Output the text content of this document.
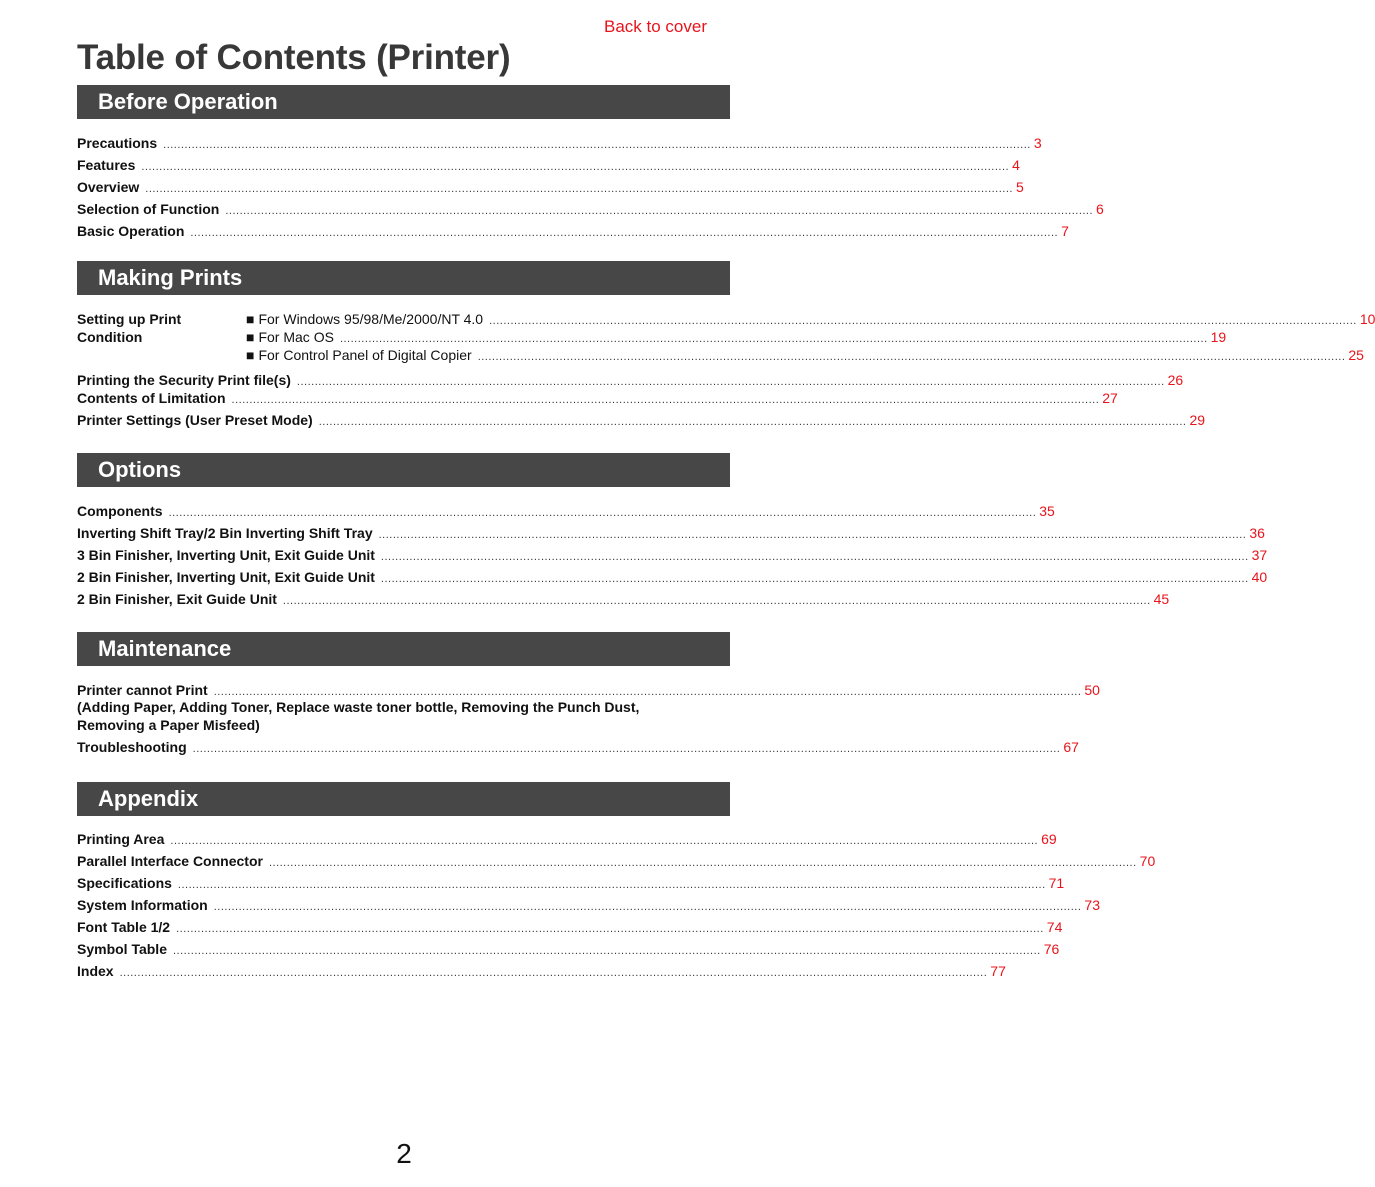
Back to cover
Table of Contents (Printer)
Before Operation
Precautions .................................................................................................................................................................................................................................................... 3
Features .................................................................................................................................................................................................................................................... 4
Overview .................................................................................................................................................................................................................................................... 5
Selection of Function .................................................................................................................................................................................................................................................... 6
Basic Operation .................................................................................................................................................................................................................................................... 7
Making Prints
Setting up Print
Condition
■ For Windows 95/98/Me/2000/NT 4.0 .................................................................................................................................................................................................................................................... 10
■ For Mac OS .................................................................................................................................................................................................................................................... 19
■ For Control Panel of Digital Copier .................................................................................................................................................................................................................................................... 25
Printing the Security Print file(s) .................................................................................................................................................................................................................................................... 26
Contents of Limitation .................................................................................................................................................................................................................................................... 27
Printer Settings (User Preset Mode) .................................................................................................................................................................................................................................................... 29
Options
Components .................................................................................................................................................................................................................................................... 35
Inverting Shift Tray/2 Bin Inverting Shift Tray .................................................................................................................................................................................................................................................... 36
3 Bin Finisher, Inverting Unit, Exit Guide Unit .................................................................................................................................................................................................................................................... 37
2 Bin Finisher, Inverting Unit, Exit Guide Unit .................................................................................................................................................................................................................................................... 40
2 Bin Finisher, Exit Guide Unit .................................................................................................................................................................................................................................................... 45
Maintenance
Printer cannot Print .................................................................................................................................................................................................................................................... 50
(Adding Paper, Adding Toner, Replace waste toner bottle, Removing the Punch Dust,
Removing a Paper Misfeed)
Troubleshooting .................................................................................................................................................................................................................................................... 67
Appendix
Printing Area .................................................................................................................................................................................................................................................... 69
Parallel Interface Connector .................................................................................................................................................................................................................................................... 70
Specifications .................................................................................................................................................................................................................................................... 71
System Information .................................................................................................................................................................................................................................................... 73
Font Table 1/2 .................................................................................................................................................................................................................................................... 74
Symbol Table .................................................................................................................................................................................................................................................... 76
Index .................................................................................................................................................................................................................................................... 77
2
